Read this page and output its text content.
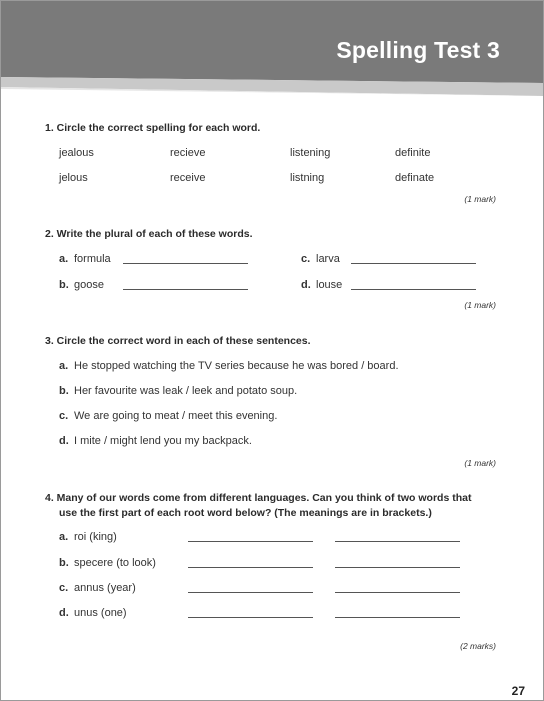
Spelling Test 3
1. Circle the correct spelling for each word.
jealous	recieve	listening	definite
jelous	receive	listning	definate
(1 mark)
2. Write the plural of each of these words.
a. formula
b. goose
c. larva
d. louse
(1 mark)
3. Circle the correct word in each of these sentences.
a. He stopped watching the TV series because he was bored / board.
b. Her favourite was leak / leek and potato soup.
c. We are going to meat / meet this evening.
d. I mite / might lend you my backpack.
(1 mark)
4. Many of our words come from different languages. Can you think of two words that
use the first part of each root word below? (The meanings are in brackets.)
a. roi (king)
b. specere (to look)
c. annus (year)
d. unus (one)
(2 marks)
27
